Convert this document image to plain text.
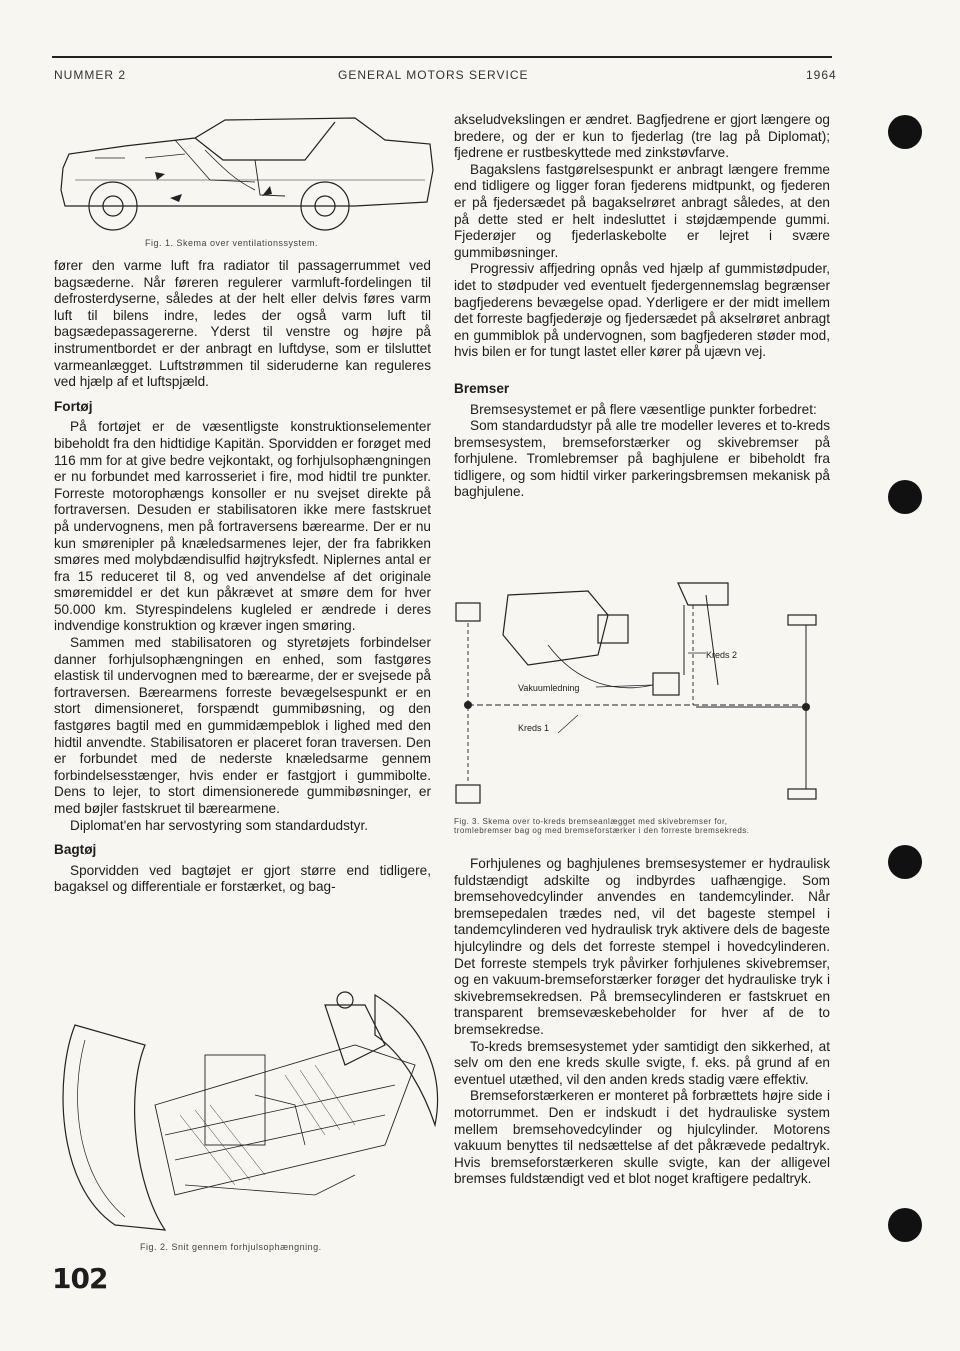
NUMMER 2	GENERAL MOTORS SERVICE	1964
Fig. 1. Skema over ventilationssystem.

fører den varme luft fra radiator til passagerrummet ved bagsæderne. Når føreren regulerer varmluft-fordelingen til defrosterdyserne, således at der helt eller delvis føres varm luft til bilens indre, ledes der også varm luft til bagsædepassagererne. Yderst til venstre og højre på instrumentbordet er der anbragt en luftdyse, som er tilsluttet varmeanlægget. Luftstrømmen til sideruderne kan reguleres ved hjælp af et luftspjæld.

Fortøj

På fortøjet er de væsentligste konstruktionselementer bibeholdt fra den hidtidige Kapitän. Sporvidden er forøget med 116 mm for at give bedre vejkontakt, og forhjulsophængningen er nu forbundet med karrosseriet i fire, mod hidtil tre punkter. Forreste motorophængs konsoller er nu svejset direkte på fortraversen. Desuden er stabilisatoren ikke mere fastskruet på undervognens, men på fortraversens bærearme. Der er nu kun smørenipler på knæledsarmenes lejer, der fra fabrikken smøres med molybdændisulfid højtryksfedt. Niplernes antal er fra 15 reduceret til 8, og ved anvendelse af det originale smøremiddel er det kun påkrævet at smøre dem for hver 50.000 km. Styrespindelens kugleled er ændrede i deres indvendige konstruktion og kræver ingen smøring.

Sammen med stabilisatoren og styretøjets forbindelser danner forhjulsophængningen en enhed, som fastgøres elastisk til undervognen med to bærearme, der er svejsede på fortraversen. Bærearmens forreste bevægelsespunkt er en stort dimensioneret, forspændt gummibøsning, og den fastgøres bagtil med en gummidæmpeblok i lighed med den hidtil anvendte. Stabilisatoren er placeret foran traversen. Den er forbundet med de nederste knæledsarme gennem forbindelsesstænger, hvis ender er fastgjort i gummibolte. Dens to lejer, to stort dimensionerede gummibøsninger, er med bøjler fastskruet til bærearmene.

Diplomat'en har servostyring som standardudstyr.

Bagtøj

Sporvidden ved bagtøjet er gjort større end tidligere, bagaksel og differentiale er forstærket, og bag-

Fig. 2. Snit gennem forhjulsophængning.

akseludvekslingen er ændret. Bagfjedrene er gjort længere og bredere, og der er kun to fjederlag (tre lag på Diplomat); fjedrene er rustbeskyttede med zinkstøvfarve.

Bagakslens fastgørelsespunkt er anbragt længere fremme end tidligere og ligger foran fjederens midtpunkt, og fjederen er på fjedersædet på bagakselrøret anbragt således, at den på dette sted er helt indesluttet i støjdæmpende gummi. Fjederøjer og fjederlaskebolte er lejret i svære gummibøsninger.

Progressiv affjedring opnås ved hjælp af gummistødpuder, idet to stødpuder ved eventuelt fjedergennemslag begrænser bagfjederens bevægelse opad. Yderligere er der midt imellem det forreste bagfjederøje og fjedersædet på akselrøret anbragt en gummiblok på undervognen, som bagfjederen støder mod, hvis bilen er for tungt lastet eller kører på ujævn vej.

Bremser

Bremsesystemet er på flere væsentlige punkter forbedret:

Som standardudstyr på alle tre modeller leveres et to-kreds bremsesystem, bremseforstærker og skivebremser på forhjulene. Tromlebremser på baghjulene er bibeholdt fra tidligere, og som hidtil virker parkeringsbremsen mekanisk på baghjulene.

Kreds 2
Vakuumledning
Kreds 1
Fig. 3. Skema over to-kreds bremseanlægget med skivebremser for,
tromlebremser bag og med bremseforstærker i den forreste bremsekreds.

Forhjulenes og baghjulenes bremsesystemer er hydraulisk fuldstændigt adskilte og indbyrdes uafhængige. Som bremsehovedcylinder anvendes en tandemcylinder. Når bremsepedalen trædes ned, vil det bageste stempel i tandemcylinderen ved hydraulisk tryk aktivere dels de bageste hjulcylindre og dels det forreste stempel i hovedcylinderen. Det forreste stempels tryk påvirker forhjulenes skivebremser, og en vakuum-bremseforstærker forøger det hydrauliske tryk i skivebremsekredsen. På bremsecylinderen er fastskruet en transparent bremsevæskebeholder for hver af de to bremsekredse.

To-kreds bremsesystemet yder samtidigt den sikkerhed, at selv om den ene kreds skulle svigte, f. eks. på grund af en eventuel utæthed, vil den anden kreds stadig være effektiv.

Bremseforstærkeren er monteret på forbrættets højre side i motorrummet. Den er indskudt i det hydrauliske system mellem bremsehovedcylinder og hjulcylinder. Motorens vakuum benyttes til nedsættelse af det påkrævede pedaltryk. Hvis bremseforstærkeren skulle svigte, kan der alligevel bremses fuldstændigt ved et blot noget kraftigere pedaltryk.

102
